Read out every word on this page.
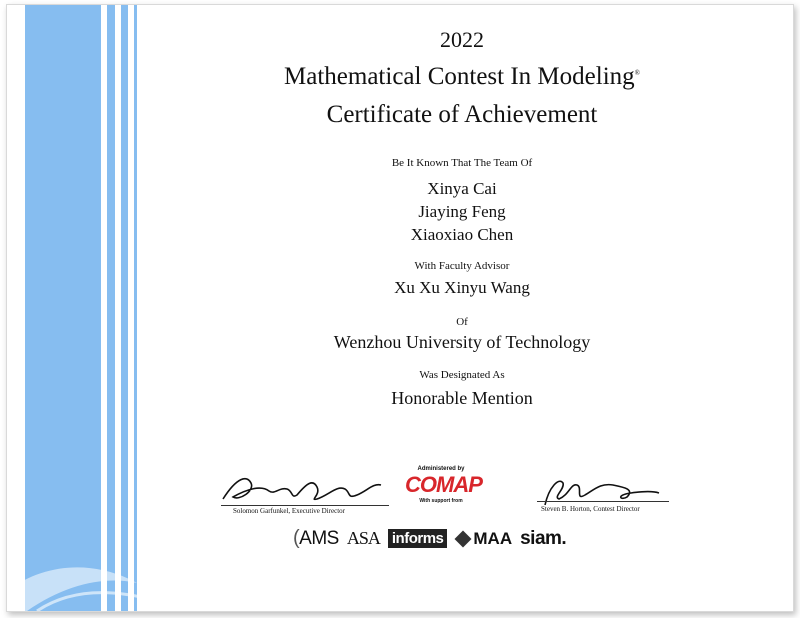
2022
Mathematical Contest In Modeling®
Certificate of Achievement
Be It Known That The Team Of
Xinya Cai
Jiaying Feng
Xiaoxiao Chen
With Faculty Advisor
Xu Xu Xinyu Wang
Of
Wenzhou University of Technology
Was Designated As
Honorable Mention
Solomon Garfunkel, Executive Director
Administered by
COMAP
With support from
Steven B. Horton, Contest Director
(AMS ASA informs MAA siam.
